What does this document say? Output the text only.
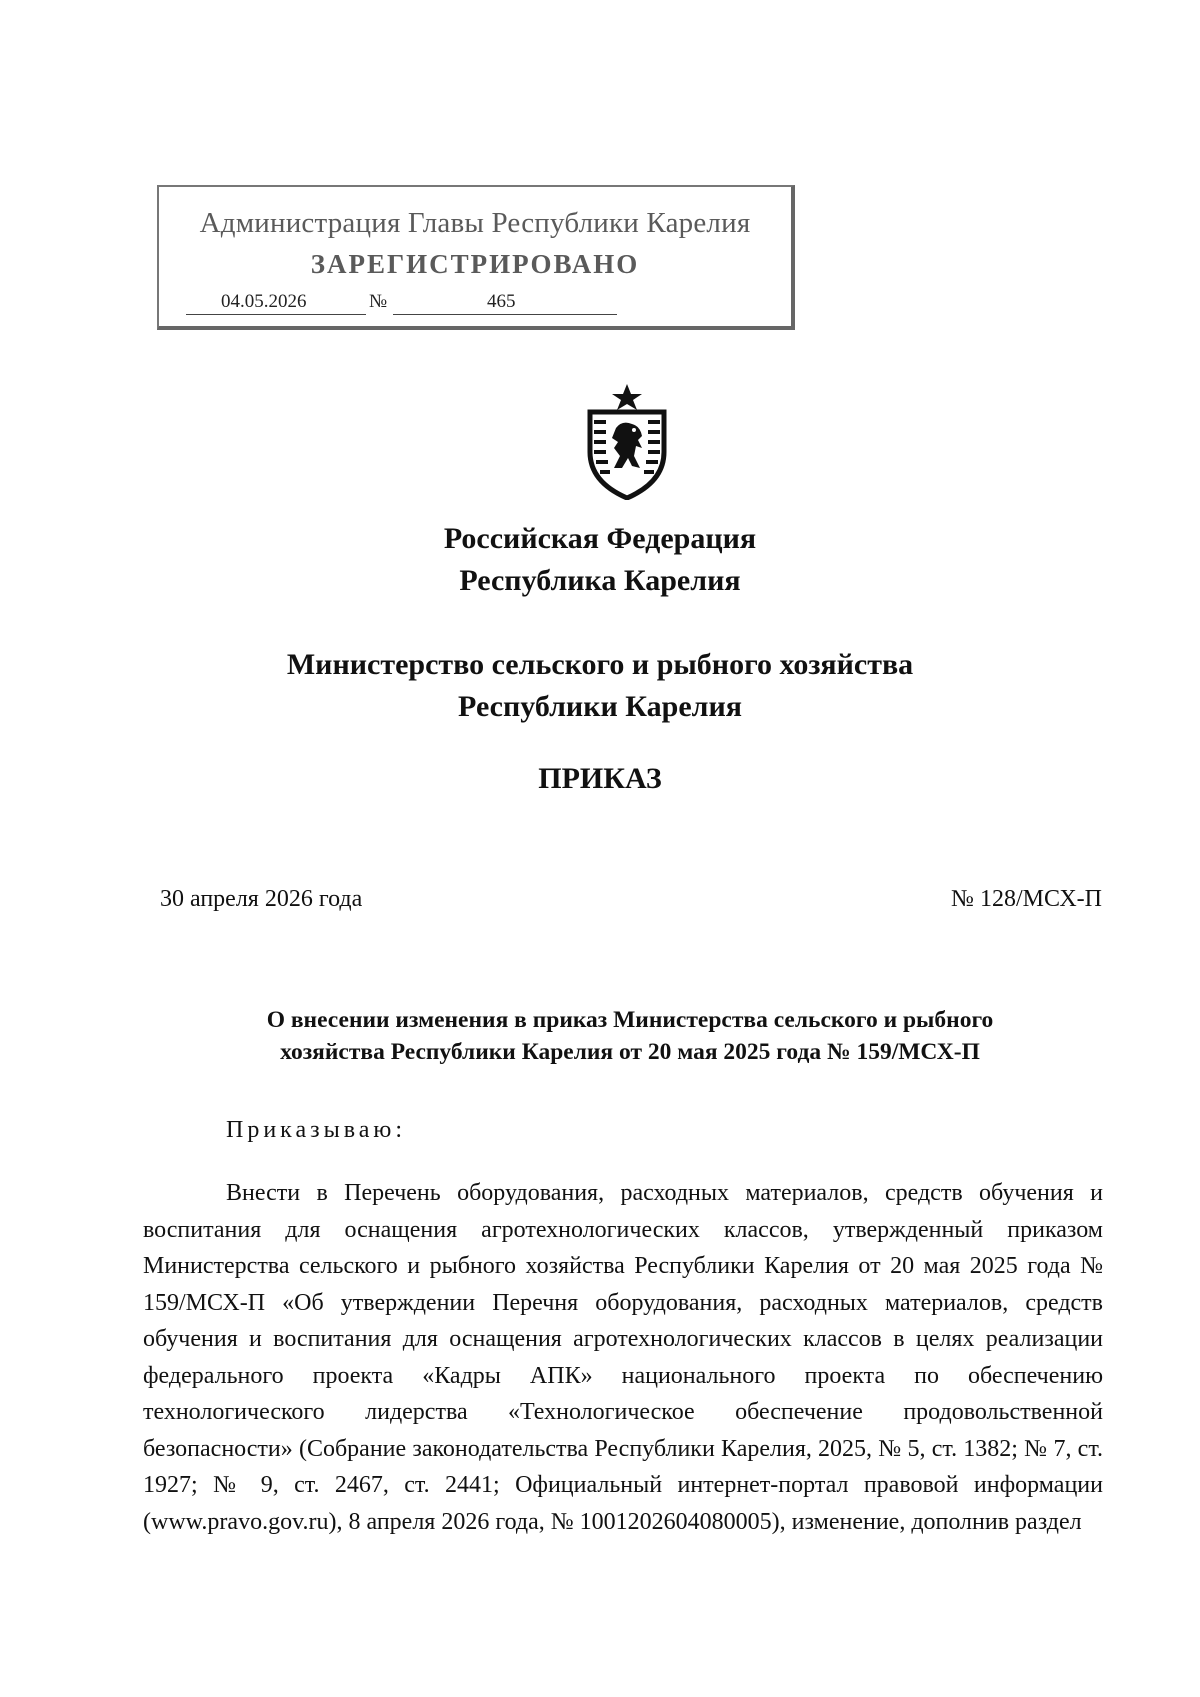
Администрация Главы Республики Карелия
ЗАРЕГИСТРИРОВАНО
04.05.2026	№	465
Российская Федерация
Республика Карелия
Министерство сельского и рыбного хозяйства
Республики Карелия
ПРИКАЗ
30 апреля 2026 года	№ 128/МСХ-П
О внесении изменения в приказ Министерства сельского и рыбного
хозяйства Республики Карелия от 20 мая 2025 года № 159/МСХ-П
Приказываю:
Внести в Перечень оборудования, расходных материалов, средств обучения и воспитания для оснащения агротехнологических классов, утвержденный приказом Министерства сельского и рыбного хозяйства Республики Карелия от 20 мая 2025 года № 159/МСХ-П «Об утверждении Перечня оборудования, расходных материалов, средств обучения и воспитания для оснащения агротехнологических классов в целях реализации федерального проекта «Кадры АПК» национального проекта по обеспечению технологического лидерства «Технологическое обеспечение продовольственной безопасности» (Собрание законодательства Республики Карелия, 2025, № 5, ст. 1382; № 7, ст. 1927; № 9, ст. 2467, ст. 2441; Официальный интернет-портал правовой информации (www.pravo.gov.ru), 8 апреля 2026 года, № 1001202604080005), изменение, дополнив раздел
